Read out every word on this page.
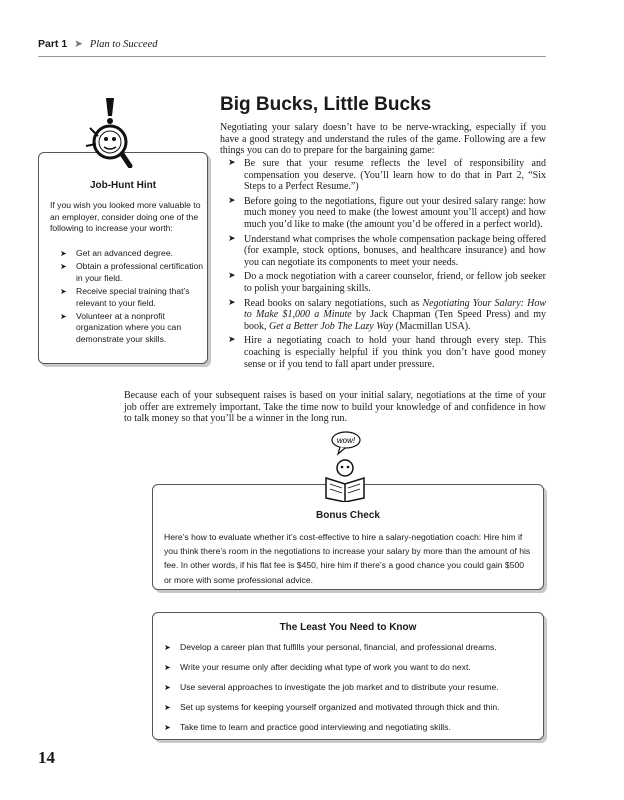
Part 1 ➤ Plan to Succeed
Big Bucks, Little Bucks

Negotiating your salary doesn’t have to be nerve-wracking, especially if you have a good strategy and understand the rules of the game. Following are a few things you can do to prepare for the bargaining game:

➤ Be sure that your resume reflects the level of responsibility and compensation you deserve. (You’ll learn how to do that in Part 2, “Six Steps to a Perfect Resume.”)
➤ Before going to the negotiations, figure out your desired salary range: how much money you need to make (the lowest amount you’ll accept) and how much you’d like to make (the amount you’d be offered in a perfect world).
➤ Understand what comprises the whole compensation package being offered (for example, stock options, bonuses, and healthcare insurance) and how you can negotiate its components to meet your needs.
➤ Do a mock negotiation with a career counselor, friend, or fellow job seeker to polish your bargaining skills.
➤ Read books on salary negotiations, such as Negotiating Your Salary: How to Make $1,000 a Minute by Jack Chapman (Ten Speed Press) and my book, Get a Better Job The Lazy Way (Macmillan USA).
➤ Hire a negotiating coach to hold your hand through every step. This coaching is especially helpful if you think you don’t have good money sense or if you tend to fall apart under pressure.
Job-Hunt Hint

If you wish you looked more valuable to an employer, consider doing one of the following to increase your worth:

➤ Get an advanced degree.
➤ Obtain a professional certification in your field.
➤ Receive special training that’s relevant to your field.
➤ Volunteer at a nonprofit organization where you can demonstrate your skills.

Because each of your subsequent raises is based on your initial salary, negotiations at the time of your job offer are extremely important. Take the time now to build your knowledge of and confidence in how to talk money so that you’ll be a winner in the long run.

wow!
Bonus Check

Here’s how to evaluate whether it’s cost-effective to hire a salary-negotiation coach: Hire him if you think there’s room in the negotiations to increase your salary by more than the amount of his fee. In other words, if his flat fee is $450, hire him if there’s a good chance you could gain $500 or more with some professional advice.

The Least You Need to Know
➤ Develop a career plan that fulfills your personal, financial, and professional dreams.
➤ Write your resume only after deciding what type of work you want to do next.
➤ Use several approaches to investigate the job market and to distribute your resume.
➤ Set up systems for keeping yourself organized and motivated through thick and thin.
➤ Take time to learn and practice good interviewing and negotiating skills.
14
